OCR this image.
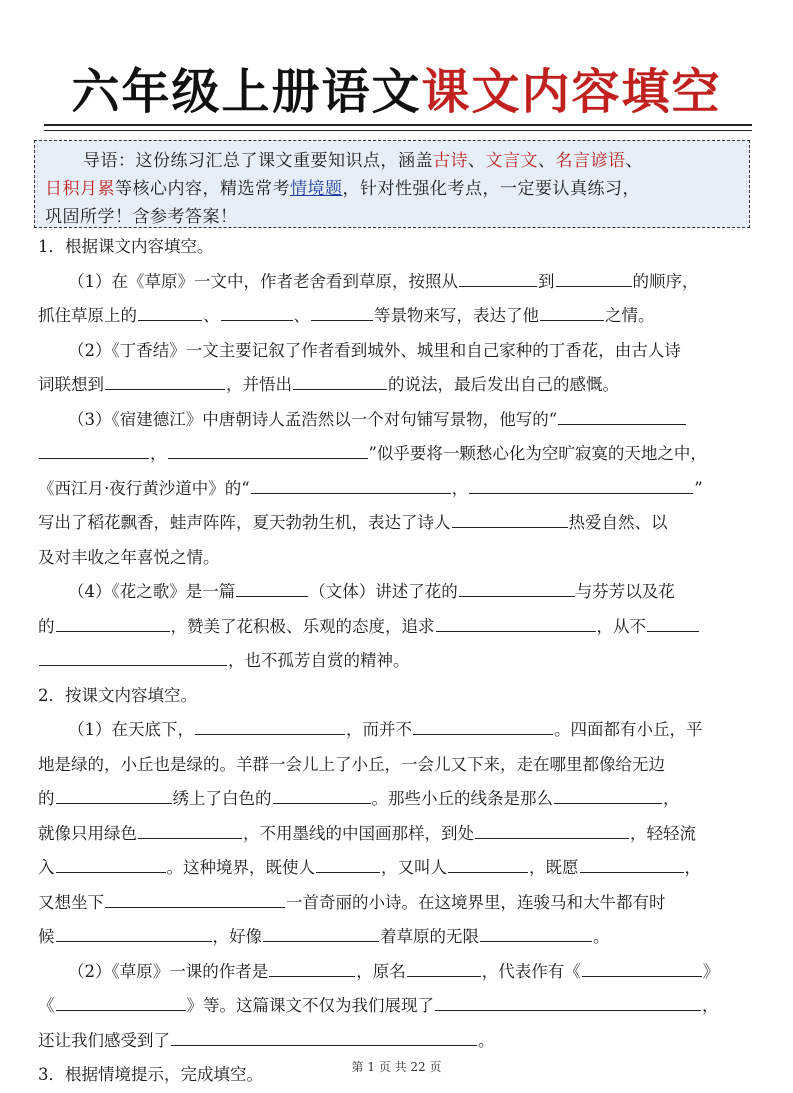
六年级上册语文课文内容填空
导语：这份练习汇总了课文重要知识点，涵盖古诗、文言文、名言谚语、
日积月累等核心内容，精选常考情境题，针对性强化考点，一定要认真练习，
巩固所学！含参考答案！
1．根据课文内容填空。
（1）在《草原》一文中，作者老舍看到草原，按照从	到	的顺序，
抓住草原上的	、	、	等景物来写，表达了他	之情。
（2）《丁香结》一文主要记叙了作者看到城外、城里和自己家种的丁香花，由古人诗
词联想到	，并悟出	的说法，最后发出自己的感慨。
（3）《宿建德江》中唐朝诗人孟浩然以一个对句铺写景物，他写的“
，	”似乎要将一颗愁心化为空旷寂寞的天地之中，
《西江月·夜行黄沙道中》的“	，	”
写出了稻花飘香，蛙声阵阵，夏天勃勃生机，表达了诗人	热爱自然、以
及对丰收之年喜悦之情。
（4）《花之歌》是一篇	（文体）讲述了花的	与芬芳以及花
的	，赞美了花积极、乐观的态度，追求	，从不
，也不孤芳自赏的精神。
2．按课文内容填空。
（1）在天底下，	，而并不	。四面都有小丘，平
地是绿的，小丘也是绿的。羊群一会儿上了小丘，一会儿又下来，走在哪里都像给无边
的	绣上了白色的	。那些小丘的线条是那么	，
就像只用绿色	，不用墨线的中国画那样，到处	，轻轻流
入	。这种境界，既使人	，又叫人	，既愿	，
又想坐下	一首奇丽的小诗。在这境界里，连骏马和大牛都有时
候	，好像	着草原的无限	。
（2）《草原》一课的作者是	，原名	，代表作有《	》
《	》等。这篇课文不仅为我们展现了	，
还让我们感受到了	。
3．根据情境提示，完成填空。	第 1 页 共 22 页
